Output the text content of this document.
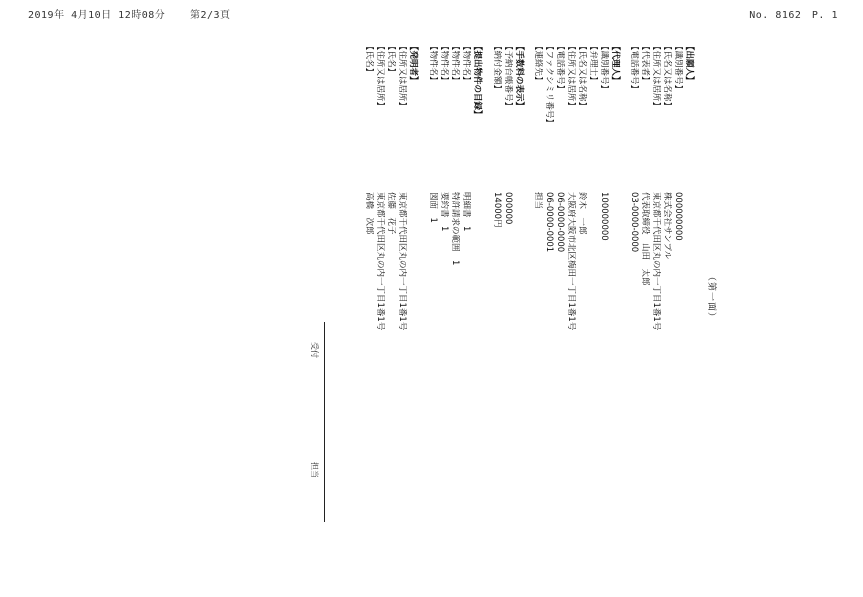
2019年 4月10日 12時08分 第2/3頁	No. 8162　P. 1
（第一面）
【出願人】
【識別番号】
000000000
【氏名又は名称】
株式会社サンプル
【住所又は居所】
東京都千代田区丸の内一丁目1番1号
【代表者】
代表取締役　山田　太郎
【電話番号】
03-0000-0000
【代理人】
【識別番号】
100000000
【弁理士】
【氏名又は名称】
鈴木　一郎
【住所又は居所】
大阪府大阪市北区梅田一丁目1番1号
【電話番号】
06-0000-0000
【ファクシミリ番号】
06-0000-0001
【連絡先】
担当
【手数料の表示】
【予納台帳番号】
000000
【納付金額】
14000円
【提出物件の目録】
【物件名】
明細書　1
【物件名】
特許請求の範囲　1
【物件名】
要約書　1
【物件名】
図面　1
【発明者】
【住所又は居所】
東京都千代田区丸の内一丁目1番1号
【氏名】
佐藤　花子
【住所又は居所】
東京都千代田区丸の内一丁目1番1号
【氏名】
高橋　次郎
受付
担当
